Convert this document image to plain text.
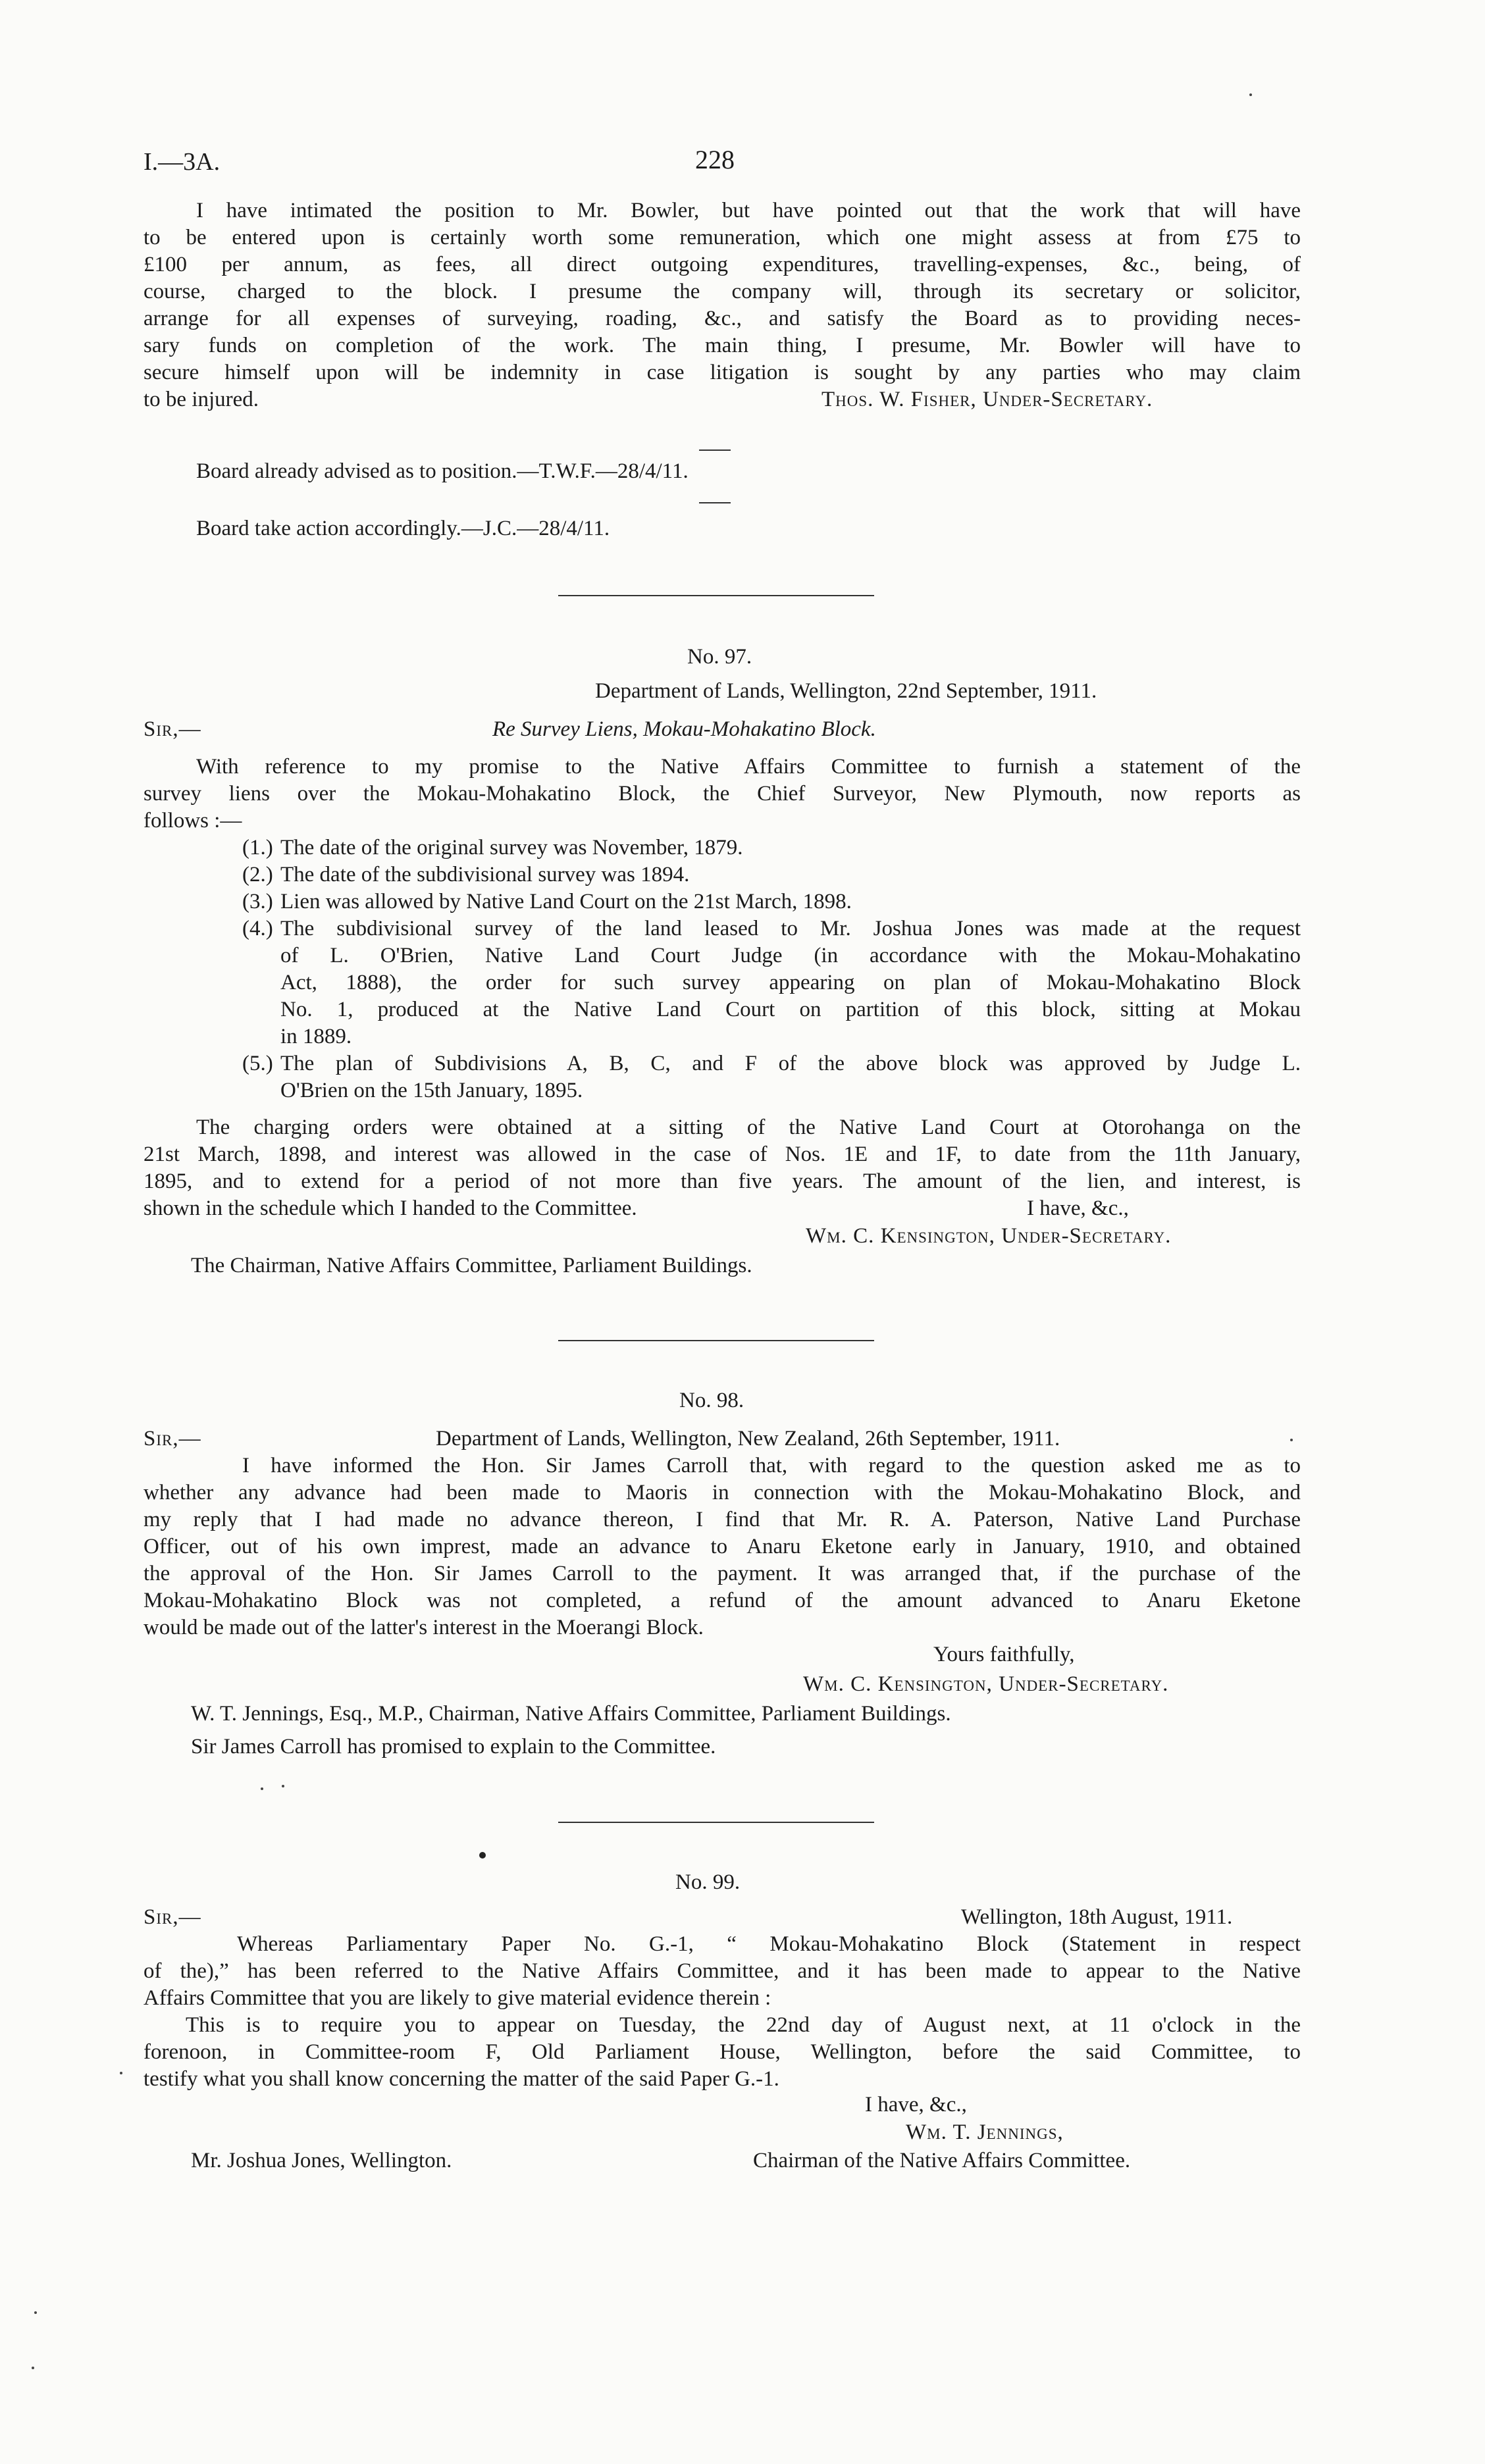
I.—3A.	228
I have intimated the position to Mr. Bowler, but have pointed out that the work that will have
to be entered upon is certainly worth some remuneration, which one might assess at from £75 to
£100 per annum, as fees, all direct outgoing expenditures, travelling-expenses, &c., being, of
course, charged to the block. I presume the company will, through its secretary or solicitor,
arrange for all expenses of surveying, roading, &c., and satisfy the Board as to providing neces-
sary funds on completion of the work. The main thing, I presume, Mr. Bowler will have to
secure himself upon will be indemnity in case litigation is sought by any parties who may claim
to be injured.	Thos. W. Fisher, Under-Secretary.
Board already advised as to position.—T.W.F.—28/4/11.
Board take action accordingly.—J.C.—28/4/11.
No. 97.
Department of Lands, Wellington, 22nd September, 1911.
Sir,—	Re Survey Liens, Mokau-Mohakatino Block.
With reference to my promise to the Native Affairs Committee to furnish a statement of the
survey liens over the Mokau-Mohakatino Block, the Chief Surveyor, New Plymouth, now reports as
follows :—
(1.) The date of the original survey was November, 1879.
(2.) The date of the subdivisional survey was 1894.
(3.) Lien was allowed by Native Land Court on the 21st March, 1898.
(4.) The subdivisional survey of the land leased to Mr. Joshua Jones was made at the request
of L. O'Brien, Native Land Court Judge (in accordance with the Mokau-Mohakatino
Act, 1888), the order for such survey appearing on plan of Mokau-Mohakatino Block
No. 1, produced at the Native Land Court on partition of this block, sitting at Mokau
in 1889.
(5.) The plan of Subdivisions A, B, C, and F of the above block was approved by Judge L.
O'Brien on the 15th January, 1895.
The charging orders were obtained at a sitting of the Native Land Court at Otorohanga on the
21st March, 1898, and interest was allowed in the case of Nos. 1E and 1F, to date from the 11th January,
1895, and to extend for a period of not more than five years. The amount of the lien, and interest, is
shown in the schedule which I handed to the Committee.	I have, &c.,
Wm. C. Kensington, Under-Secretary.
The Chairman, Native Affairs Committee, Parliament Buildings.
No. 98.
Sir,—	Department of Lands, Wellington, New Zealand, 26th September, 1911.
I have informed the Hon. Sir James Carroll that, with regard to the question asked me as to
whether any advance had been made to Maoris in connection with the Mokau-Mohakatino Block, and
my reply that I had made no advance thereon, I find that Mr. R. A. Paterson, Native Land Purchase
Officer, out of his own imprest, made an advance to Anaru Eketone early in January, 1910, and obtained
the approval of the Hon. Sir James Carroll to the payment. It was arranged that, if the purchase of the
Mokau-Mohakatino Block was not completed, a refund of the amount advanced to Anaru Eketone
would be made out of the latter's interest in the Moerangi Block.
Yours faithfully,
Wm. C. Kensington, Under-Secretary.
W. T. Jennings, Esq., M.P., Chairman, Native Affairs Committee, Parliament Buildings.
Sir James Carroll has promised to explain to the Committee.
No. 99.
Sir,—	Wellington, 18th August, 1911.
Whereas Parliamentary Paper No. G.-1, “ Mokau-Mohakatino Block (Statement in respect
of the),” has been referred to the Native Affairs Committee, and it has been made to appear to the Native
Affairs Committee that you are likely to give material evidence therein :
This is to require you to appear on Tuesday, the 22nd day of August next, at 11 o'clock in the
forenoon, in Committee-room F, Old Parliament House, Wellington, before the said Committee, to
testify what you shall know concerning the matter of the said Paper G.-1.
I have, &c.,
Wm. T. Jennings,
Mr. Joshua Jones, Wellington.	Chairman of the Native Affairs Committee.
